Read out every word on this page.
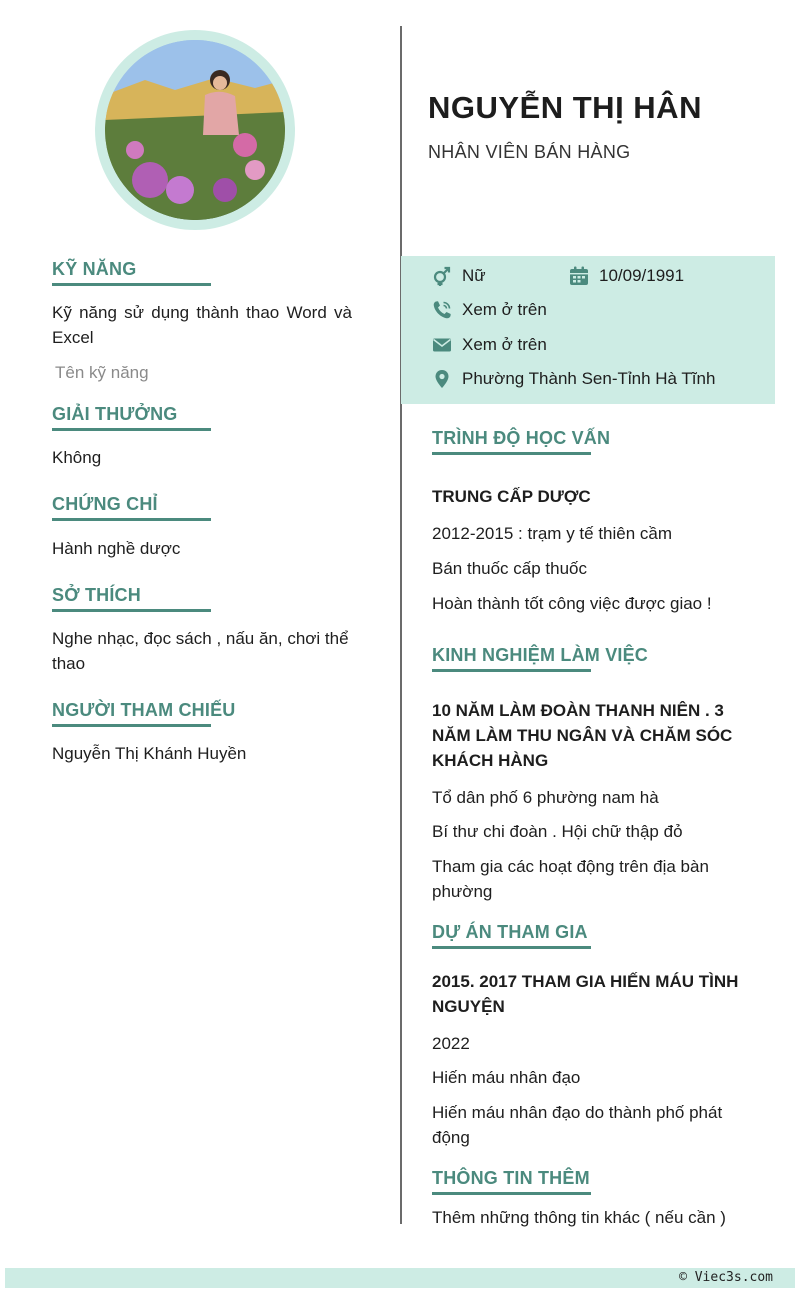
NGUYỄN THỊ HÂN
NHÂN VIÊN BÁN HÀNG
Nữ	10/09/1991
Xem ở trên
Xem ở trên
Phường Thành Sen-Tỉnh Hà Tĩnh
KỸ NĂNG
Kỹ năng sử dụng thành thao Word và Excel
Tên kỹ năng
GIẢI THƯỞNG
Không
CHỨNG CHỈ
Hành nghề dược
SỞ THÍCH
Nghe nhạc, đọc sách , nấu ăn, chơi thể thao
NGƯỜI THAM CHIẾU
Nguyễn Thị Khánh Huyền
TRÌNH ĐỘ HỌC VẤN
TRUNG CẤP DƯỢC
2012-2015 : trạm y tế thiên cầm
Bán thuốc cấp thuốc
Hoàn thành tốt công việc được giao !
KINH NGHIỆM LÀM VIỆC
10 NĂM LÀM ĐOÀN THANH NIÊN . 3 NĂM LÀM THU NGÂN VÀ CHĂM SÓC KHÁCH HÀNG
Tổ dân phố 6 phường nam hà
Bí thư chi đoàn . Hội chữ thập đỏ
Tham gia các hoạt động trên địa bàn phường
DỰ ÁN THAM GIA
2015. 2017 THAM GIA HIẾN MÁU TÌNH NGUYỆN
2022
Hiến máu nhân đạo
Hiến máu nhân đạo do thành phố phát động
THÔNG TIN THÊM
Thêm những thông tin khác ( nếu cần )
© Viec3s.com
